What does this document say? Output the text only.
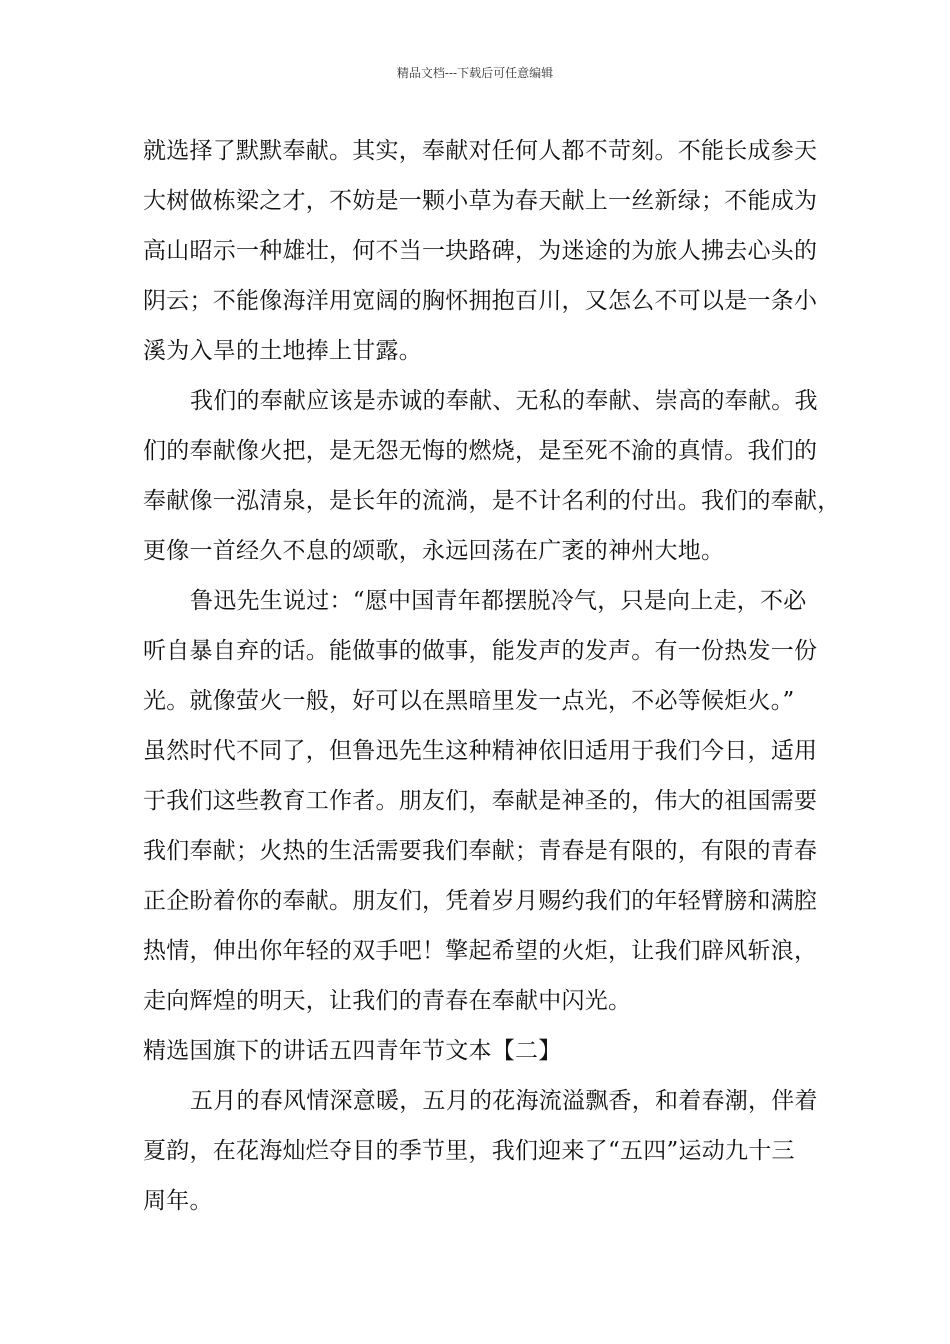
精品文档---下载后可任意编辑
就选择了默默奉献。其实，奉献对任何人都不苛刻。不能长成参天
大树做栋梁之才，不妨是一颗小草为春天献上一丝新绿；不能成为
高山昭示一种雄壮，何不当一块路碑，为迷途的为旅人拂去心头的
阴云；不能像海洋用宽阔的胸怀拥抱百川，又怎么不可以是一条小
溪为入旱的土地捧上甘露。
我们的奉献应该是赤诚的奉献、无私的奉献、崇高的奉献。我
们的奉献像火把，是无怨无悔的燃烧，是至死不渝的真情。我们的
奉献像一泓清泉，是长年的流淌，是不计名利的付出。我们的奉献，
更像一首经久不息的颂歌，永远回荡在广袤的神州大地。
鲁迅先生说过：“愿中国青年都摆脱冷气，只是向上走，不必
听自暴自弃的话。能做事的做事，能发声的发声。有一份热发一份
光。就像萤火一般，好可以在黑暗里发一点光，不必等候炬火。”
虽然时代不同了，但鲁迅先生这种精神依旧适用于我们今日，适用
于我们这些教育工作者。朋友们，奉献是神圣的，伟大的祖国需要
我们奉献；火热的生活需要我们奉献；青春是有限的，有限的青春
正企盼着你的奉献。朋友们，凭着岁月赐约我们的年轻臂膀和满腔
热情，伸出你年轻的双手吧！擎起希望的火炬，让我们辟风斩浪，
走向辉煌的明天，让我们的青春在奉献中闪光。
精选国旗下的讲话五四青年节文本【二】
五月的春风情深意暖，五月的花海流溢飘香，和着春潮，伴着
夏韵，在花海灿烂夺目的季节里，我们迎来了“五四”运动九十三
周年。
